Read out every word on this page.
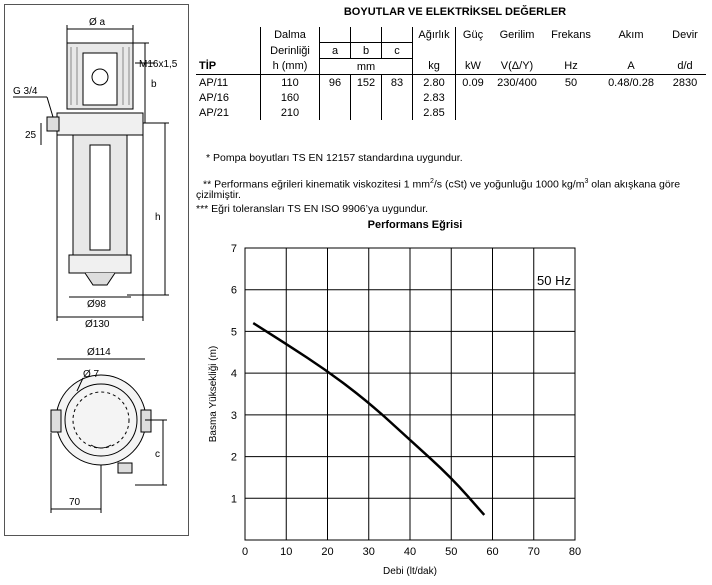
Ø a
M16x1,5
G 3/4
b
h
25
Ø98
Ø130
Ø114
Ø 7
c
70
BOYUTLAR VE ELEKTRİKSEL DEĞERLER
	Dalma				Ağırlık	Güç	Gerilim	Frekans	Akım	Devir
	Derinliği	a	b	c						
TİP	h (mm)	mm			kg	kW	V(Δ/Y)	Hz	A	d/d
AP/11	110	96	152	83	2.80	0.09	230/400	50	0.48/0.28	2830
AP/16	160				2.83					
AP/21	210				2.85					
* Pompa boyutları TS EN 12157 standardına uygundur.
** Performans eğrileri kinematik viskozitesi 1 $mm^2/s$ (cSt) ve yoğunluğu 1000 $kg/m^3$ olan akışkana göre
çizilmiştir.
*** Eğri toleransları TS EN ISO 9906’ya uygundur.
Performans Eğrisi
0	10	20	30	40	50	60	70	80
1
2
3
4
5
6
7
Debi (lt/dak)
Basma Yüksekliği (m)
50 Hz
